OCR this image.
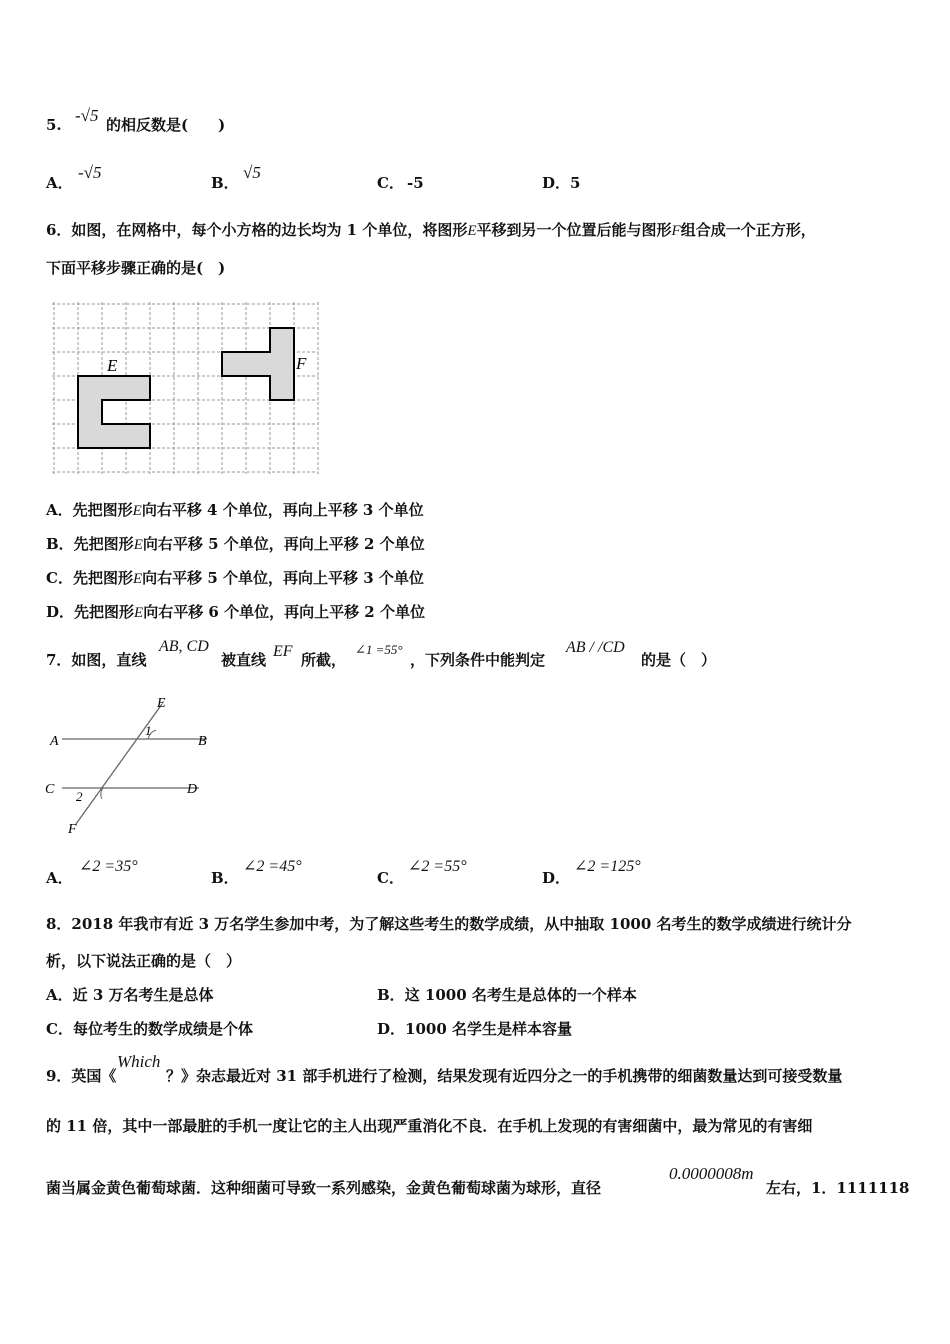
5. -√5 的相反数是(　　)
A．
-√5
B．
√5
C． -5	D． 5
6．如图，在网格中，每个小方格的边长均为 1 个单位，将图形E平移到另一个位置后能与图形F组合成一个正方形，
下面平移步骤正确的是(　)
E	F
A．先把图形E向右平移 4 个单位，再向上平移 3 个单位
B．先把图形E向右平移 5 个单位，再向上平移 2 个单位
C．先把图形E向右平移 5 个单位，再向上平移 3 个单位
D．先把图形E向右平移 6 个单位，再向上平移 2 个单位
7．如图，直线
AB, CD
被直线 EF 所截，
∠1 =55°
，下列条件中能判定
AB / /CD
的是（　）
E
A	B
1
C	D
2
F
A．
∠2 =35°
B．
∠2 =45°
C．
∠2 =55°
D．
∠2 =125°
8．2018 年我市有近 3 万名学生参加中考，为了解这些考生的数学成绩，从中抽取 1000 名考生的数学成绩进行统计分
析，以下说法正确的是（　）
A．近 3 万名考生是总体	B．这 1000 名考生是总体的一个样本
C．每位考生的数学成绩是个体	D．1000 名学生是样本容量
9．英国《
Which
？》杂志最近对 31 部手机进行了检测，结果发现有近四分之一的手机携带的细菌数量达到可接受数量
的 11 倍，其中一部最脏的手机一度让它的主人出现严重消化不良．在手机上发现的有害细菌中，最为常见的有害细
菌当属金黄色葡萄球菌．这种细菌可导致一系列感染，金黄色葡萄球菌为球形，直径
0.0000008m
左右，1．1111118
